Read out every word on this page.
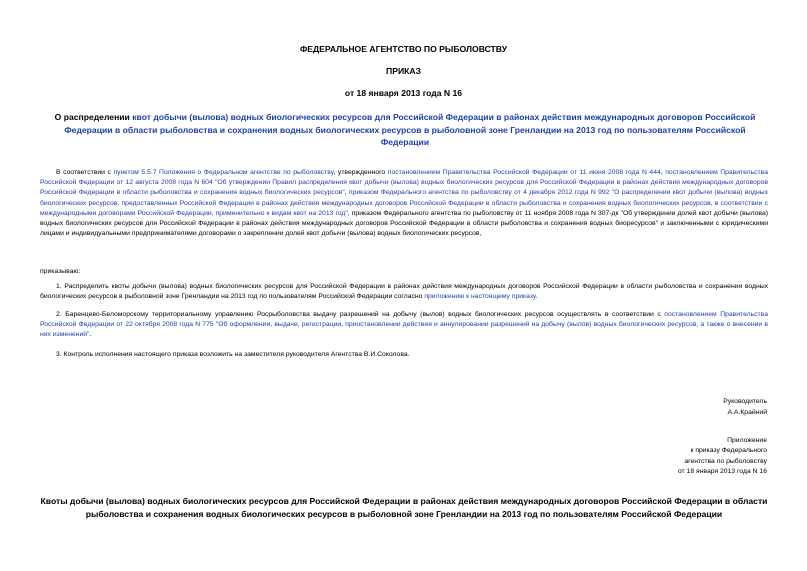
ФЕДЕРАЛЬНОЕ АГЕНТСТВО ПО РЫБОЛОВСТВУ
ПРИКАЗ
от 18 января 2013 года N 16
О распределении квот добычи (вылова) водных биологических ресурсов для Российской Федерации в районах действия международных договоров Российской Федерации в области рыболовства и сохранения водных биологических ресурсов в рыболовной зоне Гренландии на 2013 год по пользователям Российской Федерации
В соответствии с пунктом 5.5.7 Положения о Федеральном агентстве по рыболовству, утвержденного постановлением Правительства Российской Федерации от 11 июня 2008 года N 444, постановлением Правительства Российской Федерации от 12 августа 2008 года N 604 "Об утверждении Правил распределения квот добычи (вылова) водных биологических ресурсов для Российской Федерации в районах действия международных договоров Российской Федерации в области рыболовства и сохранения водных биологических ресурсов", приказом Федерального агентства по рыболовству от 4 декабря 2012 года N 992 "О распределении квот добычи (вылова) водных биологических ресурсов, предоставленных Российской Федерации в районах действия международных договоров Российской Федерации в области рыболовства и сохранения водных биологических ресурсов, в соответствии с международными договорами Российской Федерации, применительно к видам квот на 2013 год", приказом Федерального агентства по рыболовству от 11 ноября 2008 года N 307-дк "Об утверждении долей квот добычи (вылова) водных биологических ресурсов для Российской Федерации в районах действия международных договоров Российской Федерации в области рыболовства и сохранения водных биоресурсов" и заключенными с юридическими лицами и индивидуальными предпринимателями договорами о закреплении долей квот добычи (вылова) водных биологических ресурсов,
приказываю:
1. Распределить квоты добычи (вылова) водных биологических ресурсов для Российской Федерации в районах действия международных договоров Российской Федерации в области рыболовства и сохранения водных биологических ресурсов в рыболовной зоне Гренландии на 2013 год по пользователям Российской Федерации согласно приложению к настоящему приказу.
2. Баренцево-Беломорскому территориальному управлению Росрыболовства выдачу разрешений на добычу (вылов) водных биологических ресурсов осуществлять в соответствии с постановлением Правительства Российской Федерации от 22 октября 2008 года N 775 "Об оформлении, выдаче, регистрации, приостановлении действия и аннулировании разрешений на добычу (вылов) водных биологических ресурсов, а также о внесении в них изменений".
3. Контроль исполнения настоящего приказа возложить на заместителя руководителя Агентства В.И.Соколова.
Руководитель
А.А.Крайний
Приложение
к приказу Федерального
агентства по рыболовству
от 18 января 2013 года N 16
Квоты добычи (вылова) водных биологических ресурсов для Российской Федерации в районах действия международных договоров Российской Федерации в области рыболовства и сохранения водных биологических ресурсов в рыболовной зоне Гренландии на 2013 год по пользователям Российской Федерации
